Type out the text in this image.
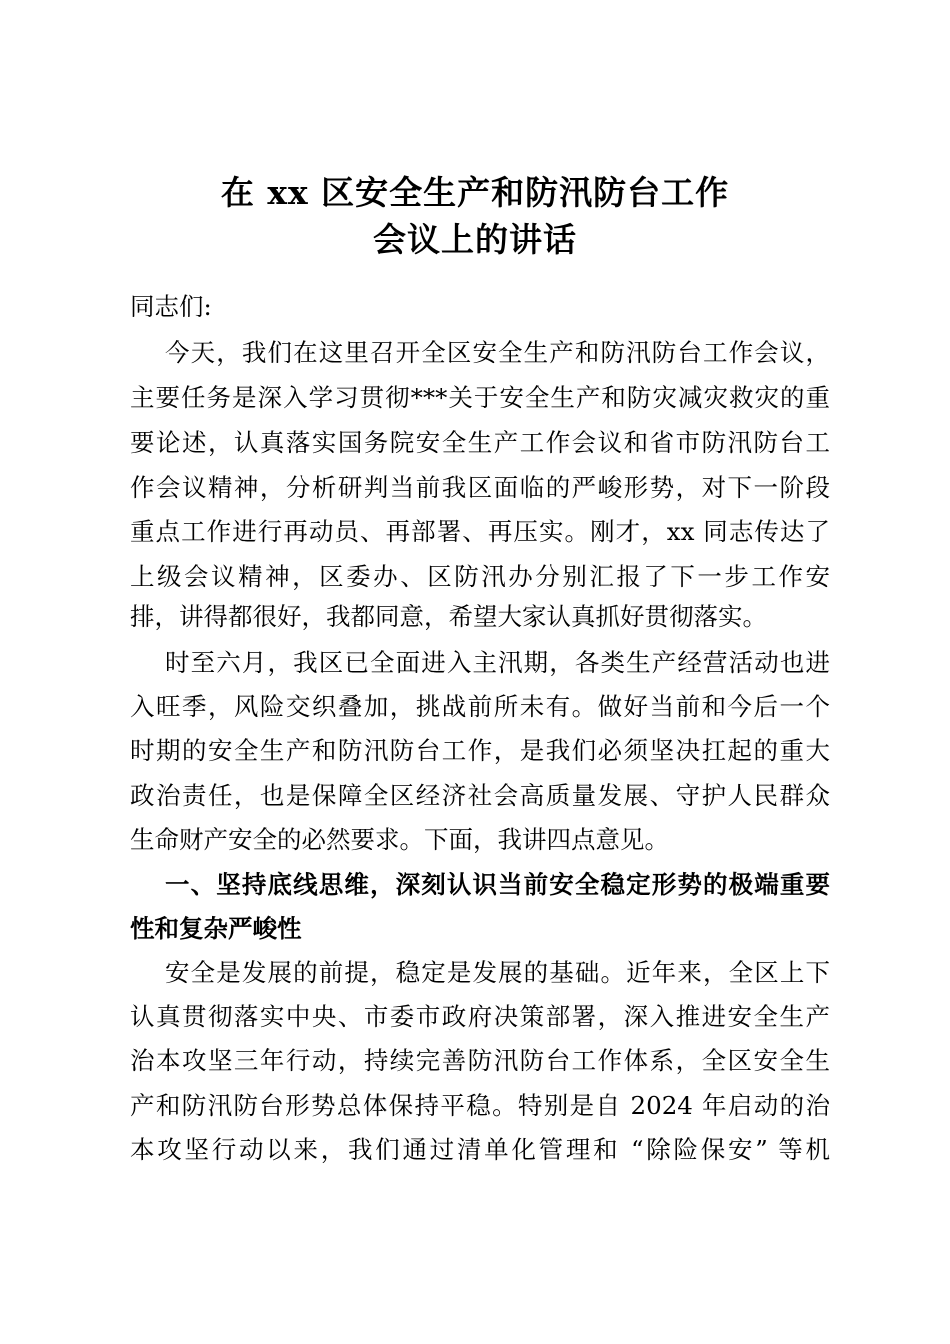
在 xx 区安全生产和防汛防台工作
会议上的讲话
同志们:
今天，我们在这里召开全区安全生产和防汛防台工作会议，
主要任务是深入学习贯彻***关于安全生产和防灾减灾救灾的重
要论述，认真落实国务院安全生产工作会议和省市防汛防台工
作会议精神，分析研判当前我区面临的严峻形势，对下一阶段
重点工作进行再动员、再部署、再压实。刚才，xx 同志传达了
上级会议精神，区委办、区防汛办分别汇报了下一步工作安
排，讲得都很好，我都同意，希望大家认真抓好贯彻落实。
时至六月，我区已全面进入主汛期，各类生产经营活动也进
入旺季，风险交织叠加，挑战前所未有。做好当前和今后一个
时期的安全生产和防汛防台工作，是我们必须坚决扛起的重大
政治责任，也是保障全区经济社会高质量发展、守护人民群众
生命财产安全的必然要求。下面，我讲四点意见。
一、坚持底线思维，深刻认识当前安全稳定形势的极端重要
性和复杂严峻性
安全是发展的前提，稳定是发展的基础。近年来，全区上下
认真贯彻落实中央、市委市政府决策部署，深入推进安全生产
治本攻坚三年行动，持续完善防汛防台工作体系，全区安全生
产和防汛防台形势总体保持平稳。特别是自 2024 年启动的治
本攻坚行动以来，我们通过清单化管理和 “除险保安” 等机
